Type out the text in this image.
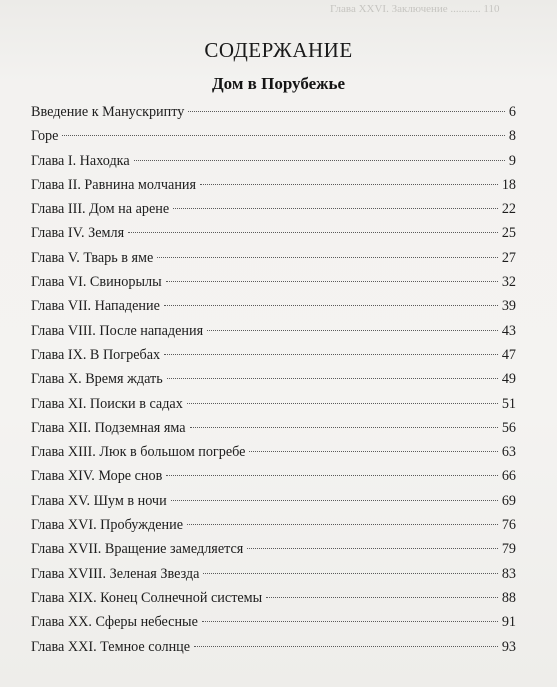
Глава XXVI. Заключение ........... 110
СОДЕРЖАНИЕ
Дом в Порубежье
Введение к Манускрипту	6
Горе	8
Глава I. Находка	9
Глава II. Равнина молчания	18
Глава III. Дом на арене	22
Глава IV. Земля	25
Глава V. Тварь в яме	27
Глава VI. Свинорылы	32
Глава VII. Нападение	39
Глава VIII. После нападения	43
Глава IX. В Погребах	47
Глава X. Время ждать	49
Глава XI. Поиски в садах	51
Глава XII. Подземная яма	56
Глава XIII. Люк в большом погребе	63
Глава XIV. Море снов	66
Глава XV. Шум в ночи	69
Глава XVI. Пробуждение	76
Глава XVII. Вращение замедляется	79
Глава XVIII. Зеленая Звезда	83
Глава XIX. Конец Солнечной системы	88
Глава XX. Сферы небесные	91
Глава XXI. Темное солнце	93
